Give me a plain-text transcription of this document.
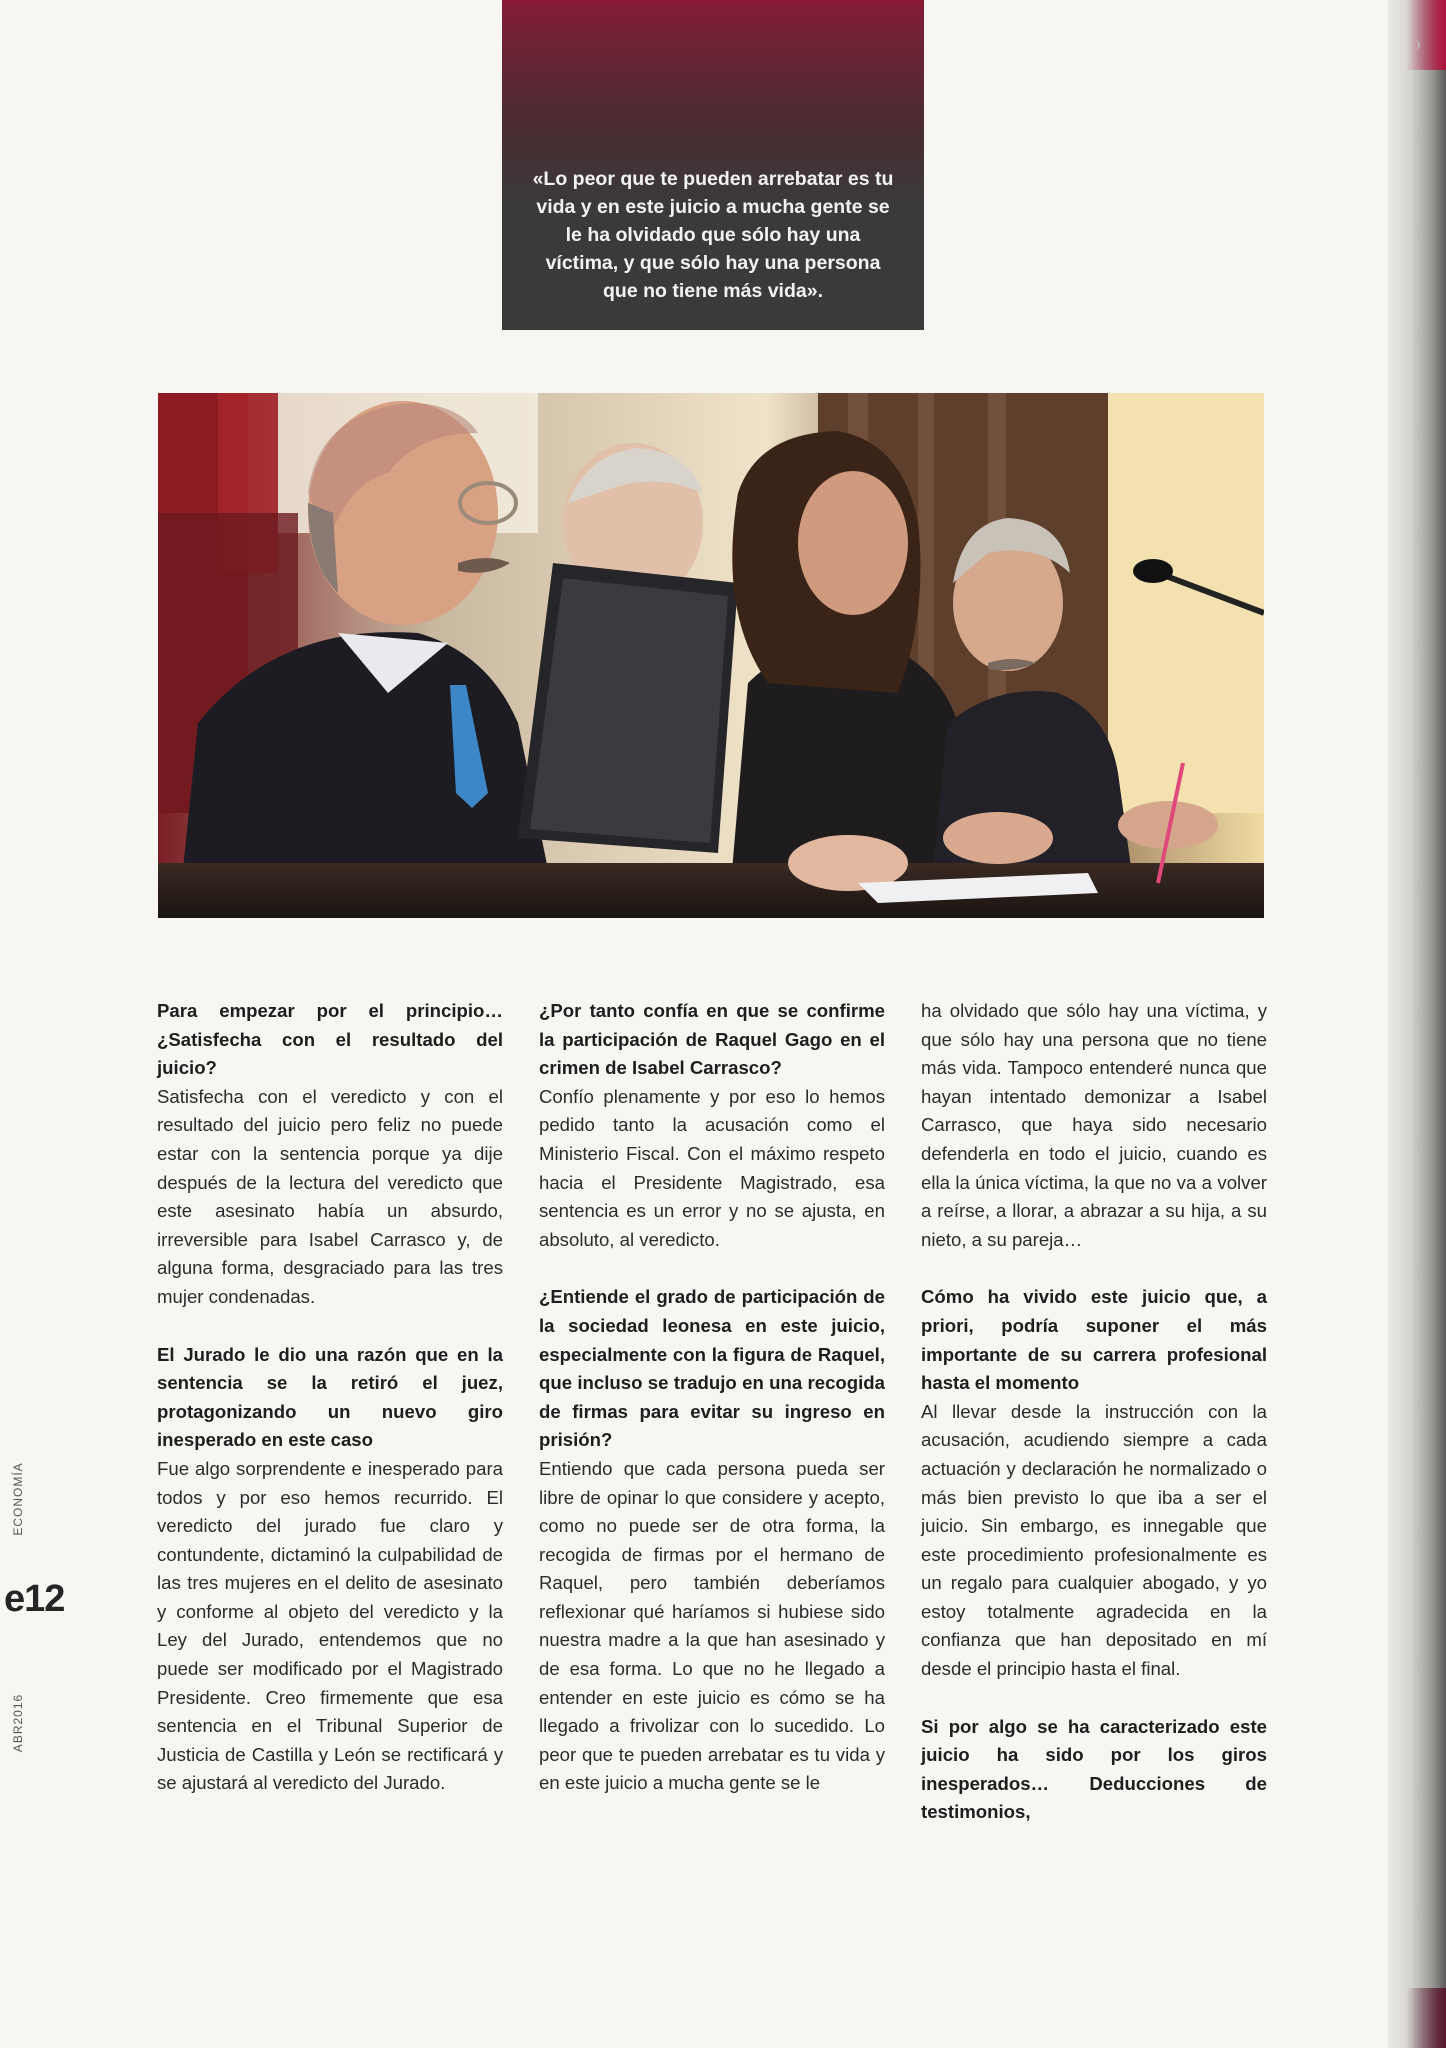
«Lo peor que te pueden arrebatar es tu vida y en este juicio a mucha gente se le ha olvidado que sólo hay una víctima, y que sólo hay una persona que no tiene más vida».

Para empezar por el principio… ¿Satisfecha con el resultado del juicio?

Satisfecha con el veredicto y con el resultado del juicio pero feliz no puede estar con la sentencia porque ya dije después de la lectura del veredicto que este asesinato había un absurdo, irreversible para Isabel Carrasco y, de alguna forma, desgraciado para las tres mujer condenadas.

El Jurado le dio una razón que en la sentencia se la retiró el juez, protagonizando un nuevo giro inesperado en este caso

Fue algo sorprendente e inesperado para todos y por eso hemos recurrido. El veredicto del jurado fue claro y contundente, dictaminó la culpabilidad de las tres mujeres en el delito de asesinato y conforme al objeto del veredicto y la Ley del Jurado, entendemos que no puede ser modificado por el Magistrado Presidente. Creo firmemente que esa sentencia en el Tribunal Superior de Justicia de Castilla y León se rectificará y se ajustará al veredicto del Jurado.

¿Por tanto confía en que se confirme la participación de Raquel Gago en el crimen de Isabel Carrasco?

Confío plenamente y por eso lo hemos pedido tanto la acusación como el Ministerio Fiscal. Con el máximo respeto hacia el Presidente Magistrado, esa sentencia es un error y no se ajusta, en absoluto, al veredicto.

¿Entiende el grado de participación de la sociedad leonesa en este juicio, especialmente con la figura de Raquel, que incluso se tradujo en una recogida de firmas para evitar su ingreso en prisión?

Entiendo que cada persona pueda ser libre de opinar lo que considere y acepto, como no puede ser de otra forma, la recogida de firmas por el hermano de Raquel, pero también deberíamos reflexionar qué haríamos si hubiese sido nuestra madre a la que han asesinado y de esa forma. Lo que no he llegado a entender en este juicio es cómo se ha llegado a frivolizar con lo sucedido. Lo peor que te pueden arrebatar es tu vida y en este juicio a mucha gente se le

ha olvidado que sólo hay una víctima, y que sólo hay una persona que no tiene más vida. Tampoco entenderé nunca que hayan intentado demonizar a Isabel Carrasco, que haya sido necesario defenderla en todo el juicio, cuando es ella la única víctima, la que no va a volver a reírse, a llorar, a abrazar a su hija, a su nieto, a su pareja…

Cómo ha vivido este juicio que, a priori, podría suponer el más importante de su carrera profesional hasta el momento

Al llevar desde la instrucción con la acusación, acudiendo siempre a cada actuación y declaración he normalizado o más bien previsto lo que iba a ser el juicio. Sin embargo, es innegable que este procedimiento profesionalmente es un regalo para cualquier abogado, y yo estoy totalmente agradecida en la confianza que han depositado en mí desde el principio hasta el final.

Si por algo se ha caracterizado este juicio ha sido por los giros inesperados… Deducciones de testimonios,

ECONOMÍA
e12
ABR2016
